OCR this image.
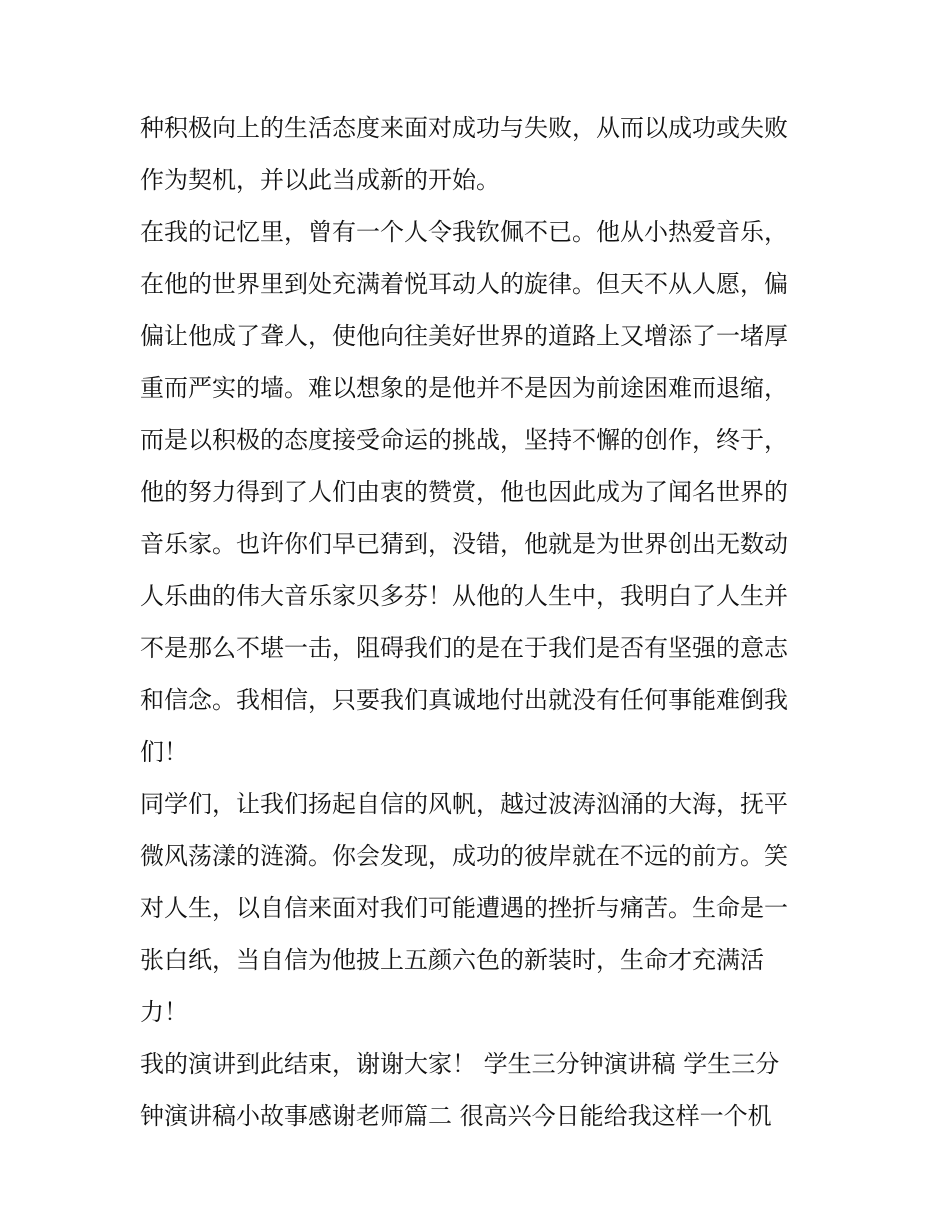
种积极向上的生活态度来面对成功与失败，从而以成功或失败
作为契机，并以此当成新的开始。
在我的记忆里，曾有一个人令我钦佩不已。他从小热爱音乐，
在他的世界里到处充满着悦耳动人的旋律。但天不从人愿，偏
偏让他成了聋人，使他向往美好世界的道路上又增添了一堵厚
重而严实的墙。难以想象的是他并不是因为前途困难而退缩，
而是以积极的态度接受命运的挑战，坚持不懈的创作，终于，
他的努力得到了人们由衷的赞赏，他也因此成为了闻名世界的
音乐家。也许你们早已猜到，没错，他就是为世界创出无数动
人乐曲的伟大音乐家贝多芬！从他的人生中，我明白了人生并
不是那么不堪一击，阻碍我们的是在于我们是否有坚强的意志
和信念。我相信，只要我们真诚地付出就没有任何事能难倒我
们！
同学们，让我们扬起自信的风帆，越过波涛汹涌的大海，抚平
微风荡漾的涟漪。你会发现，成功的彼岸就在不远的前方。笑
对人生，以自信来面对我们可能遭遇的挫折与痛苦。生命是一
张白纸，当自信为他披上五颜六色的新装时，生命才充满活
力！
我的演讲到此结束，谢谢大家！ 学生三分钟演讲稿 学生三分
钟演讲稿小故事感谢老师篇二 很高兴今日能给我这样一个机
